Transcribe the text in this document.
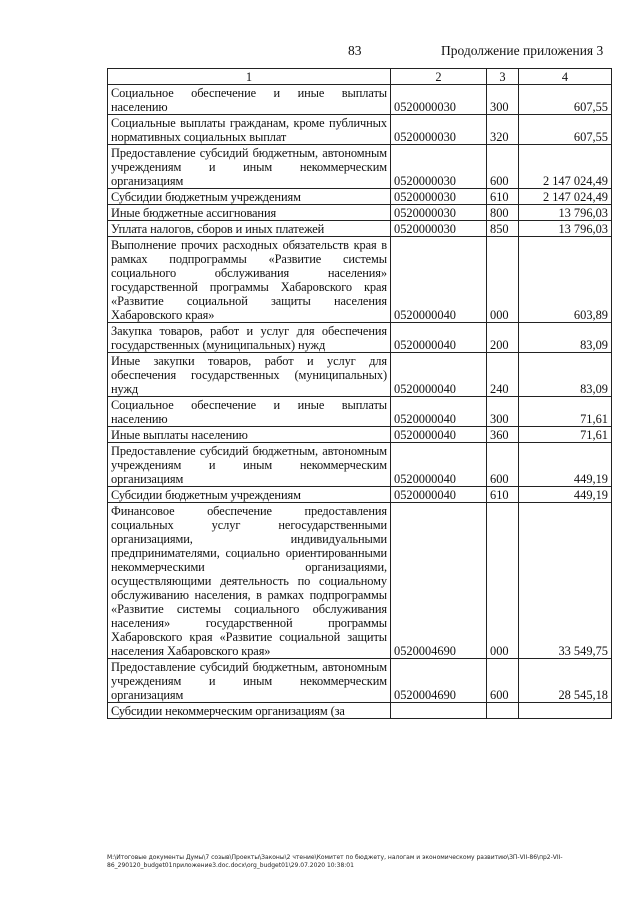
83	Продолжение приложения 3
1	2	3	4
Социальное обеспечение и иные выплаты населению	0520000030	300	607,55
Социальные выплаты гражданам, кроме публичных нормативных социальных выплат	0520000030	320	607,55
Предоставление субсидий бюджетным, автономным учреждениям и иным некоммерческим организациям	0520000030	600	2 147 024,49
Субсидии бюджетным учреждениям	0520000030	610	2 147 024,49
Иные бюджетные ассигнования	0520000030	800	13 796,03
Уплата налогов, сборов и иных платежей	0520000030	850	13 796,03
Выполнение прочих расходных обязательств края в рамках подпрограммы «Развитие системы социального обслуживания населения» государственной программы Хабаровского края «Развитие социальной защиты населения Хабаровского края»	0520000040	000	603,89
Закупка товаров, работ и услуг для обеспечения государственных (муниципальных) нужд	0520000040	200	83,09
Иные закупки товаров, работ и услуг для обеспечения государственных (муниципальных) нужд	0520000040	240	83,09
Социальное обеспечение и иные выплаты населению	0520000040	300	71,61
Иные выплаты населению	0520000040	360	71,61
Предоставление субсидий бюджетным, автономным учреждениям и иным некоммерческим организациям	0520000040	600	449,19
Субсидии бюджетным учреждениям	0520000040	610	449,19
Финансовое обеспечение предоставления социальных услуг негосударственными организациями, индивидуальными предпринимателями, социально ориентированными некоммерческими организациями, осуществляющими деятельность по социальному обслуживанию населения, в рамках подпрограммы «Развитие системы социального обслуживания населения» государственной программы Хабаровского края «Развитие социальной защиты населения Хабаровского края»	0520004690	000	33 549,75
Предоставление субсидий бюджетным, автономным учреждениям и иным некоммерческим организациям	0520004690	600	28 545,18
Субсидии некоммерческим организациям (за			
M:\Итоговые документы Думы\7 созыв\Проекты\Законы\2 чтение\Комитет по бюджету, налогам и экономическому развитию\ЗП-VII-86\пр2-VII-86_290120_budget01приложение3.doc.docx\org_budget01\29.07.2020 10:38:01
